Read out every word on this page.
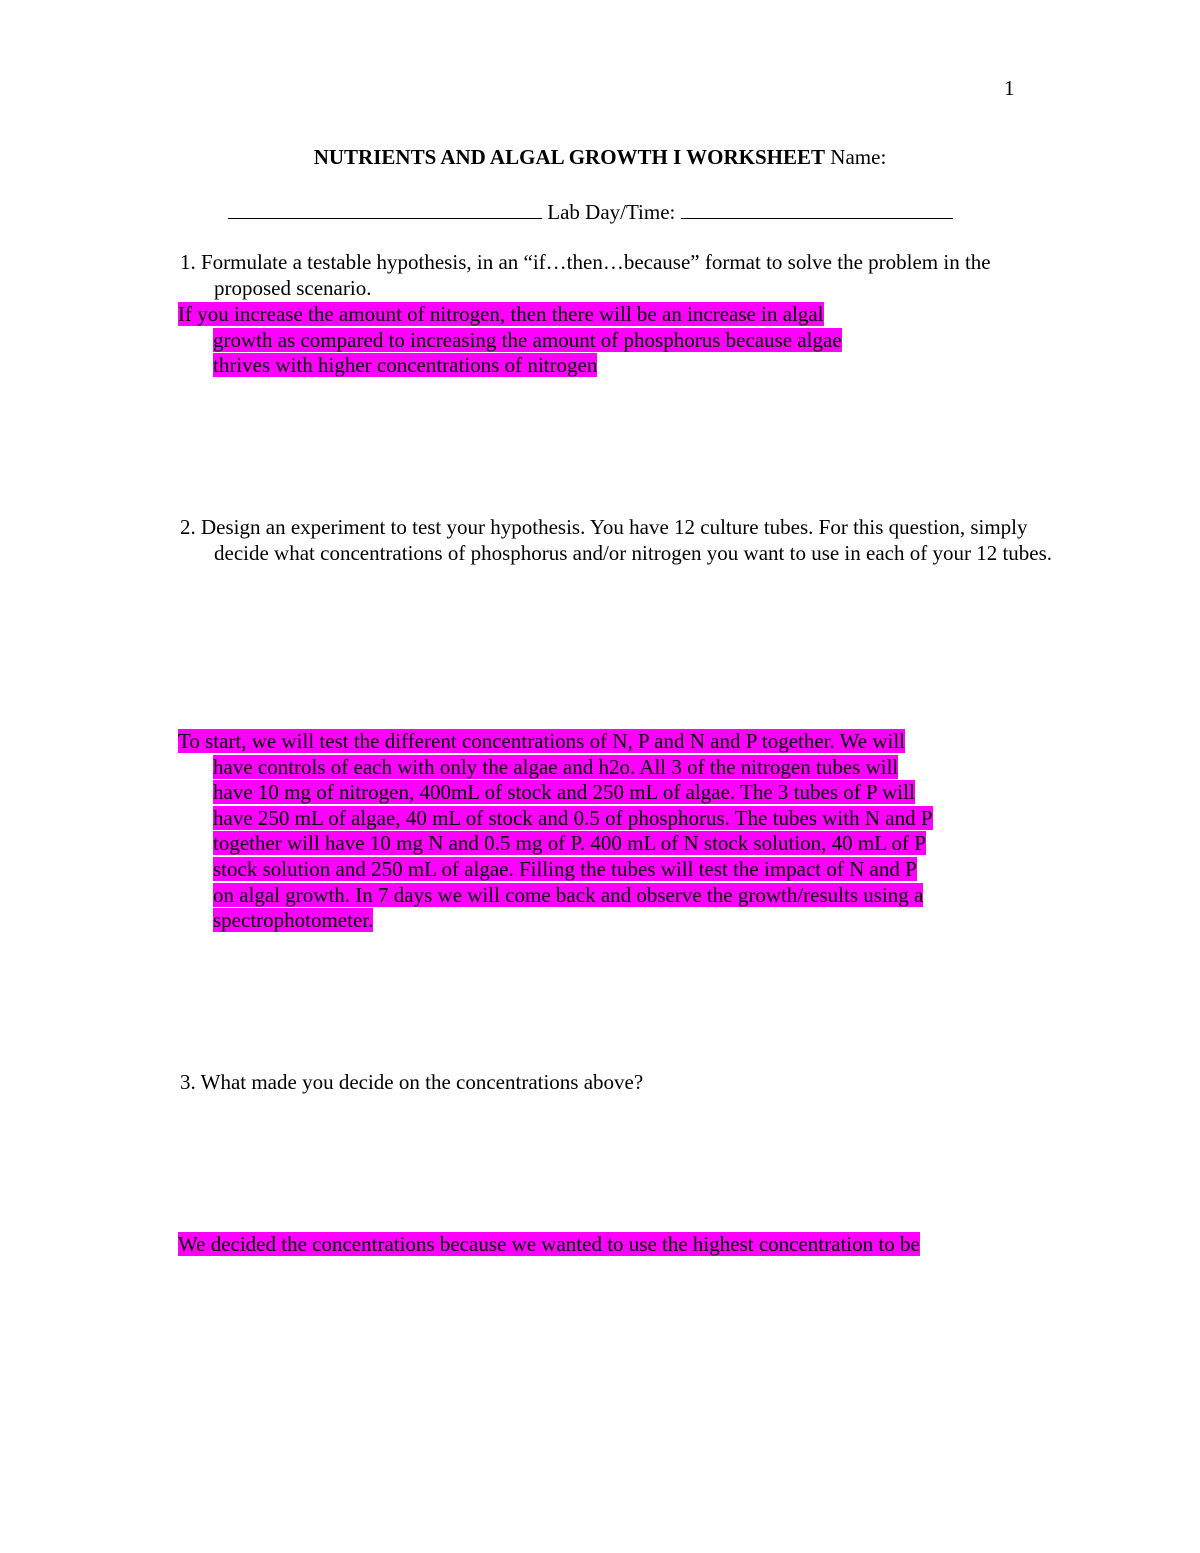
1
NUTRIENTS AND ALGAL GROWTH I WORKSHEET Name:
Lab Day/Time:

1. Formulate a testable hypothesis, in an “if…then…because” format to solve the problem in the proposed scenario.

If you increase the amount of nitrogen, then there will be an increase in algal
growth as compared to increasing the amount of phosphorus because algae
thrives with higher concentrations of nitrogen

2. Design an experiment to test your hypothesis. You have 12 culture tubes. For this question, simply decide what concentrations of phosphorus and/or nitrogen you want to use in each of your 12 tubes.

To start, we will test the different concentrations of N, P and N and P together. We will
have controls of each with only the algae and h2o. All 3 of the nitrogen tubes will
have 10 mg of nitrogen, 400mL of stock and 250 mL of algae. The 3 tubes of P will
have 250 mL of algae, 40 mL of stock and 0.5 of phosphorus. The tubes with N and P
together will have 10 mg N and 0.5 mg of P. 400 mL of N stock solution, 40 mL of P
stock solution and 250 mL of algae. Filling the tubes will test the impact of N and P
on algal growth. In 7 days we will come back and observe the growth/results using a
spectrophotometer.

3. What made you decide on the concentrations above?

We decided the concentrations because we wanted to use the highest concentration to be
